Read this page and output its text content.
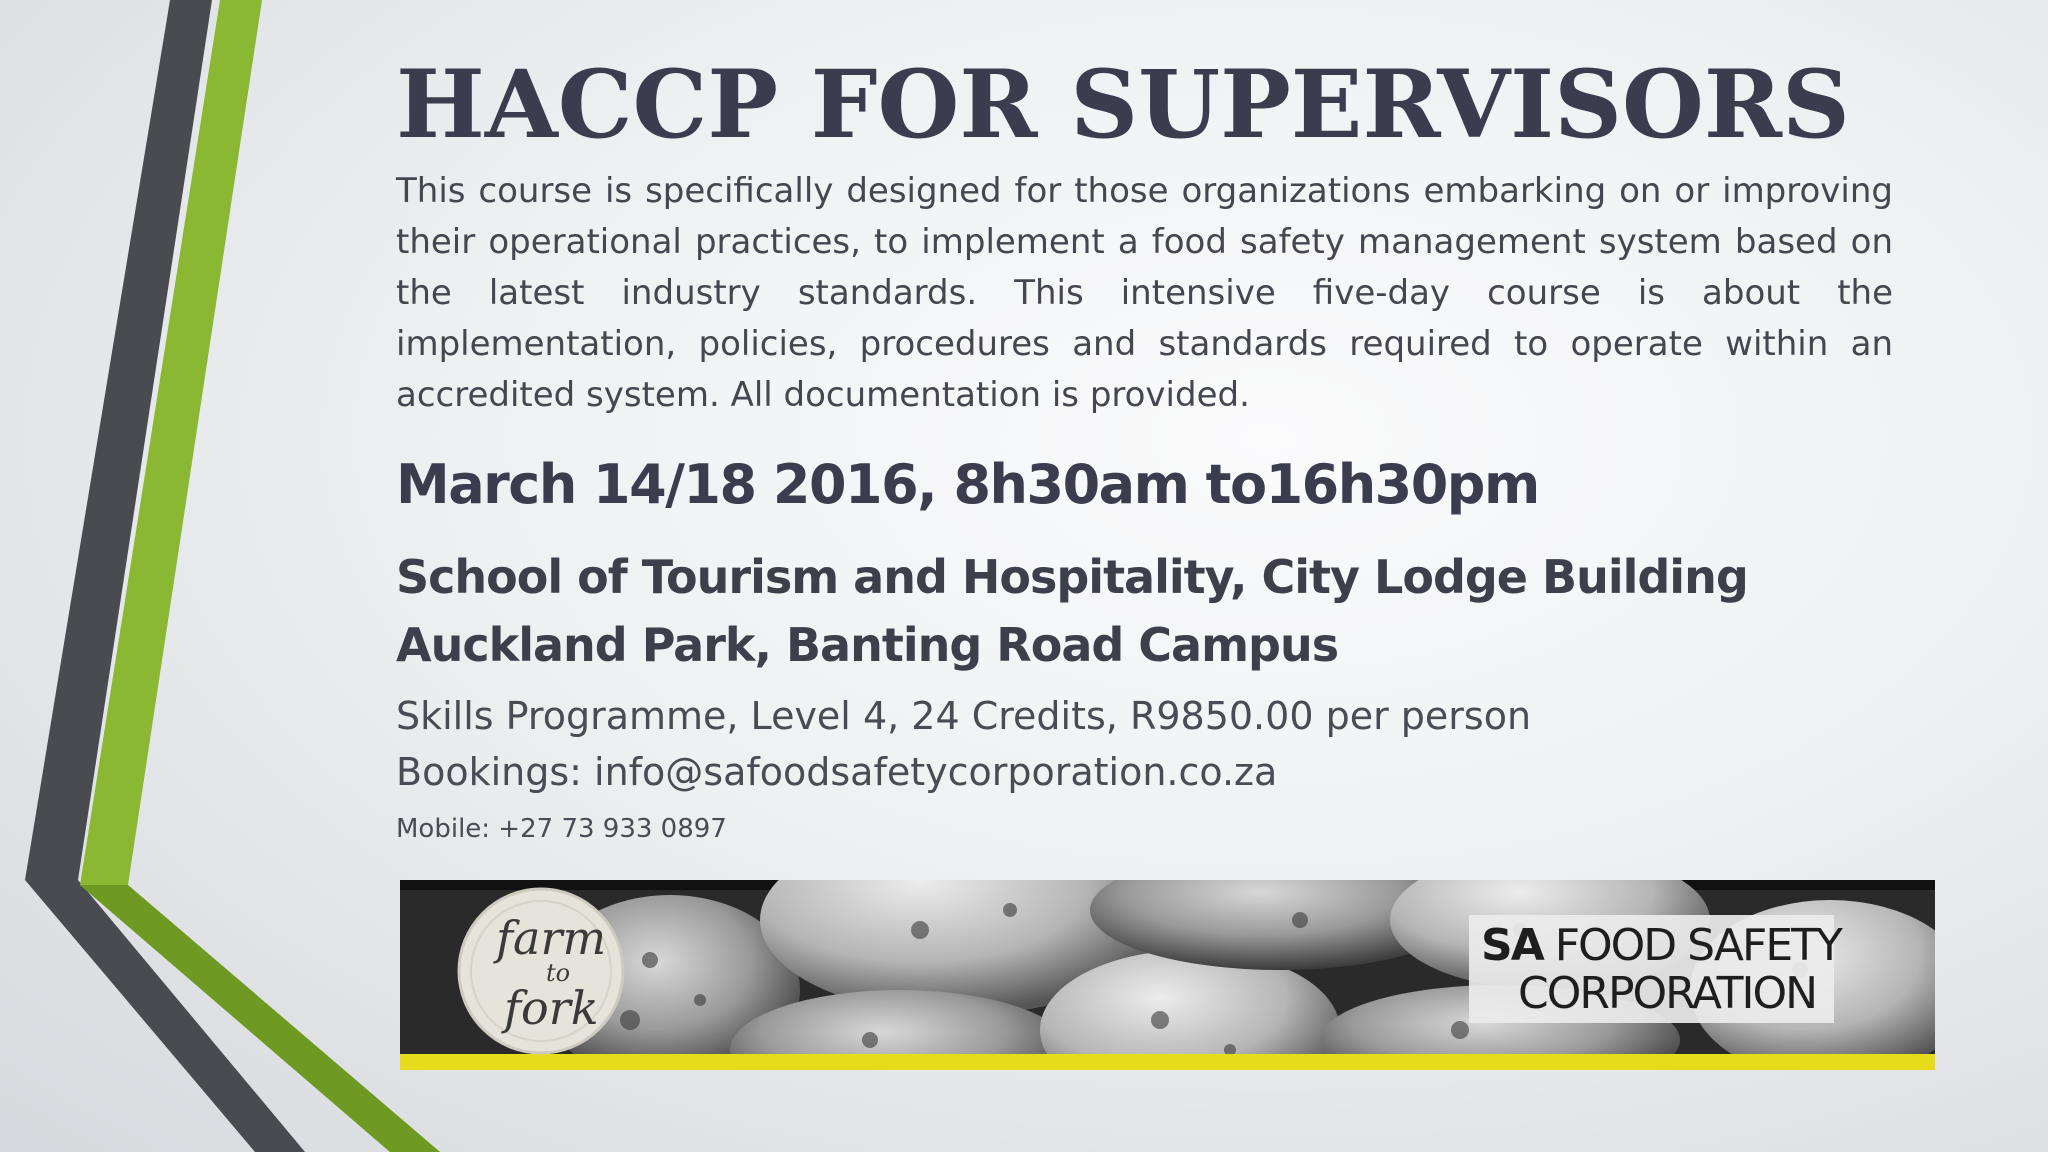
HACCP FOR SUPERVISORS

This course is specifically designed for those organizations embarking on or improving their operational practices, to implement a food safety management system based on the latest industry standards. This intensive five-day course is about the implementation, policies, procedures and standards required to operate within an accredited system. All documentation is provided.

March 14/18 2016, 8h30am to16h30pm
School of Tourism and Hospitality, City Lodge Building
Auckland Park, Banting Road Campus
Skills Programme, Level 4, 24 Credits, R9850.00 per person
Bookings: info@safoodsafetycorporation.co.za
Mobile: +27 73 933 0897
farm
to
fork
SA FOOD SAFETY
CORPORATION
